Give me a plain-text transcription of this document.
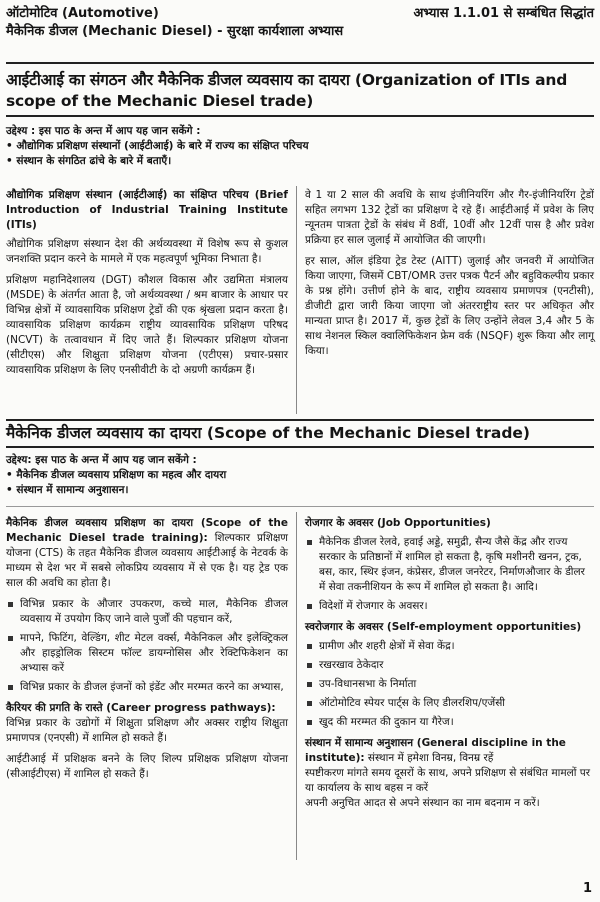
ऑटोमोटिव (Automotive)
मैकेनिक डीजल (Mechanic Diesel) - सुरक्षा कार्यशाला अभ्यास
अभ्यास 1.1.01 से सम्बंधित सिद्धांत
आईटीआई का संगठन और मैकेनिक डीजल व्यवसाय का दायरा (Organization of ITIs and scope of the Mechanic Diesel trade)
उद्देश्य : इस पाठ के अन्त में आप यह जान सकेंगे :
• औद्योगिक प्रशिक्षण संस्थानों (आईटीआई) के बारे में राज्य का संक्षिप्त परिचय
• संस्थान के संगठित ढांचे के बारे में बताएँ।

औद्योगिक प्रशिक्षण संस्थान (आईटीआई) का संक्षिप्त परिचय (Brief Introduction of Industrial Training Institute (ITIs)

औद्योगिक प्रशिक्षण संस्थान देश की अर्थव्यवस्था में विशेष रूप से कुशल जनशक्ति प्रदान करने के मामले में एक महत्वपूर्ण भूमिका निभाता है।

प्रशिक्षण महानिदेशालय (DGT) कौशल विकास और उद्यमिता मंत्रालय (MSDE) के अंतर्गत आता है, जो अर्थव्यवस्था / श्रम बाजार के आधार पर विभिन्न क्षेत्रों में व्यावसायिक प्रशिक्षण ट्रेडों की एक श्रृंखला प्रदान करता है। व्यावसायिक प्रशिक्षण कार्यक्रम राष्ट्रीय व्यावसायिक प्रशिक्षण परिषद (NCVT) के तत्वावधान में दिए जाते हैं। शिल्पकार प्रशिक्षण योजना (सीटीएस) और शिक्षुता प्रशिक्षण योजना (एटीएस) प्रचार-प्रसार व्यावसायिक प्रशिक्षण के लिए एनसीवीटी के दो अग्रणी कार्यक्रम हैं।

वे 1 या 2 साल की अवधि के साथ इंजीनियरिंग और गैर-इंजीनियरिंग ट्रेडों सहित लगभग 132 ट्रेडों का प्रशिक्षण दे रहे हैं। आईटीआई में प्रवेश के लिए न्यूनतम पात्रता ट्रेडों के संबंध में 8वीं, 10वीं और 12वीं पास है और प्रवेश प्रक्रिया हर साल जुलाई में आयोजित की जाएगी।

हर साल, ऑल इंडिया ट्रेड टेस्ट (AITT) जुलाई और जनवरी में आयोजित किया जाएगा, जिसमें CBT/OMR उत्तर पत्रक पैटर्न और बहुविकल्पीय प्रकार के प्रश्न होंगे। उत्तीर्ण होने के बाद, राष्ट्रीय व्यवसाय प्रमाणपत्र (एनटीसी), डीजीटी द्वारा जारी किया जाएगा जो अंतरराष्ट्रीय स्तर पर अधिकृत और मान्यता प्राप्त है। 2017 में, कुछ ट्रेडों के लिए उन्होंने लेवल 3,4 और 5 के साथ नेशनल स्किल क्वालिफिकेशन फ्रेम वर्क (NSQF) शुरू किया और लागू किया।

मैकेनिक डीजल व्यवसाय का दायरा (Scope of the Mechanic Diesel trade)
उद्देश्य: इस पाठ के अन्त में आप यह जान सकेंगे :
• मैकेनिक डीजल व्यवसाय प्रशिक्षण का महत्व और दायरा
• संस्थान में सामान्य अनुशासन।

मैकेनिक डीजल व्यवसाय प्रशिक्षण का दायरा (Scope of the Mechanic Diesel trade training): शिल्पकार प्रशिक्षण योजना (CTS) के तहत मैकेनिक डीजल व्यवसाय आईटीआई के नेटवर्क के माध्यम से देश भर में सबसे लोकप्रिय व्यवसाय में से एक है। यह ट्रेड एक साल की अवधि का होता है।

विभिन्न प्रकार के औजार उपकरण, कच्चे माल, मैकेनिक डीजल व्यवसाय में उपयोग किए जाने वाले पुर्जों की पहचान करें,
मापने, फिटिंग, वेल्डिंग, शीट मेटल वर्क्स, मैकेनिकल और इलेक्ट्रिकल और हाइड्रोलिक सिस्टम फॉल्ट डायग्नोसिस और रेक्टिफिकेशन का अभ्यास करें
विभिन्न प्रकार के डीजल इंजनों को इंडेंट और मरम्मत करने का अभ्यास,

कैरियर की प्रगति के रास्ते (Career progress pathways):

विभिन्न प्रकार के उद्योगों में शिक्षुता प्रशिक्षण और अक्सर राष्ट्रीय शिक्षुता प्रमाणपत्र (एनएसी) में शामिल हो सकते हैं।

आईटीआई में प्रशिक्षक बनने के लिए शिल्प प्रशिक्षक प्रशिक्षण योजना (सीआईटीएस) में शामिल हो सकते हैं।

रोजगार के अवसर (Job Opportunities)

मैकेनिक डीजल रेलवे, हवाई अड्डे, समुद्री, सैन्य जैसे केंद्र और राज्य सरकार के प्रतिष्ठानों में शामिल हो सकता है, कृषि मशीनरी खनन, ट्रक, बस, कार, स्थिर इंजन, कंप्रेसर, डीजल जनरेटर, निर्माणऔजार के डीलर में सेवा तकनीशियन के रूप में शामिल हो सकता है। आदि।
विदेशों में रोजगार के अवसर।

स्वरोजगार के अवसर (Self-employment opportunities)

ग्रामीण और शहरी क्षेत्रों में सेवा केंद्र।
रखरखाव ठेकेदार
उप-विधानसभा के निर्माता
ऑटोमोटिव स्पेयर पार्ट्स के लिए डीलरशिप/एजेंसी
खुद की मरम्मत की दुकान या गैरेज।

संस्थान में सामान्य अनुशासन (General discipline in the institute): संस्थान में हमेशा विनम्र, विनम्र रहें

स्पष्टीकरण मांगते समय दूसरों के साथ, अपने प्रशिक्षण से संबंधित मामलों पर या कार्यालय के साथ बहस न करें

अपनी अनुचित आदत से अपने संस्थान का नाम बदनाम न करें।

1
